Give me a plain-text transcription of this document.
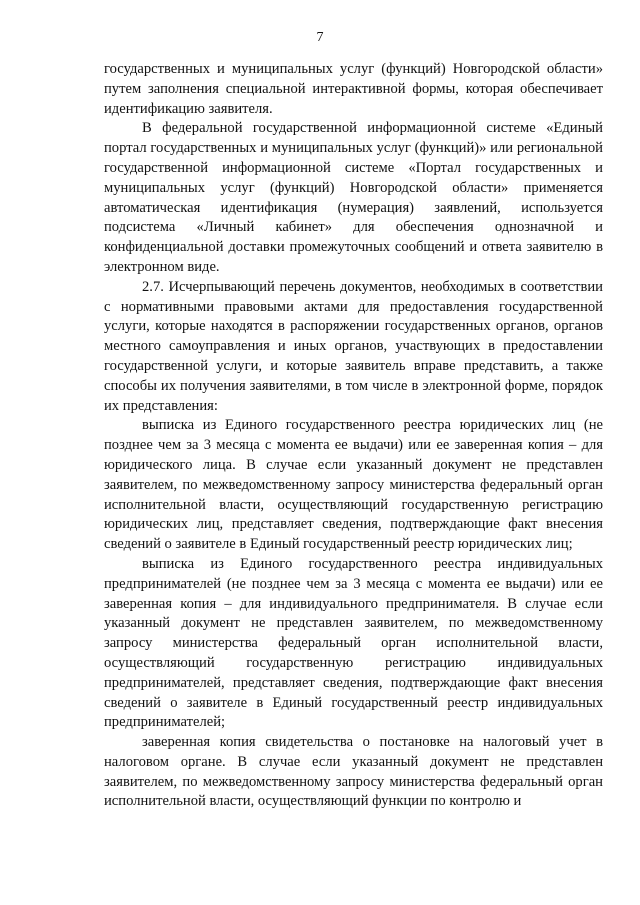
7

государственных и муниципальных услуг (функций) Новгородской области» путем заполнения специальной интерактивной формы, которая обеспечивает идентификацию заявителя.

В федеральной государственной информационной системе «Единый портал государственных и муниципальных услуг (функций)» или региональной государственной информационной системе «Портал государственных и муниципальных услуг (функций) Новгородской области» применяется автоматическая идентификация (нумерация) заявлений, используется подсистема «Личный кабинет» для обеспечения однозначной и конфиденциальной доставки промежуточных сообщений и ответа заявителю в электронном виде.

2.7. Исчерпывающий перечень документов, необходимых в соответствии с нормативными правовыми актами для предоставления государственной услуги, которые находятся в распоряжении государственных органов, органов местного самоуправления и иных органов, участвующих в предоставлении государственной услуги, и которые заявитель вправе представить, а также способы их получения заявителями, в том числе в электронной форме, порядок их представления:

выписка из Единого государственного реестра юридических лиц (не позднее чем за 3 месяца с момента ее выдачи) или ее заверенная копия – для юридического лица. В случае если указанный документ не представлен заявителем, по межведомственному запросу министерства федеральный орган исполнительной власти, осуществляющий государственную регистрацию юридических лиц, представляет сведения, подтверждающие факт внесения сведений о заявителе в Единый государственный реестр юридических лиц;

выписка из Единого государственного реестра индивидуальных предпринимателей (не позднее чем за 3 месяца с момента ее выдачи) или ее заверенная копия – для индивидуального предпринимателя. В случае если указанный документ не представлен заявителем, по межведомственному запросу министерства федеральный орган исполнительной власти, осуществляющий государственную регистрацию индивидуальных предпринимателей, представляет сведения, подтверждающие факт внесения сведений о заявителе в Единый государственный реестр индивидуальных предпринимателей;

заверенная копия свидетельства о постановке на налоговый учет в налоговом органе. В случае если указанный документ не представлен заявителем, по межведомственному запросу министерства федеральный орган исполнительной власти, осуществляющий функции по контролю и
